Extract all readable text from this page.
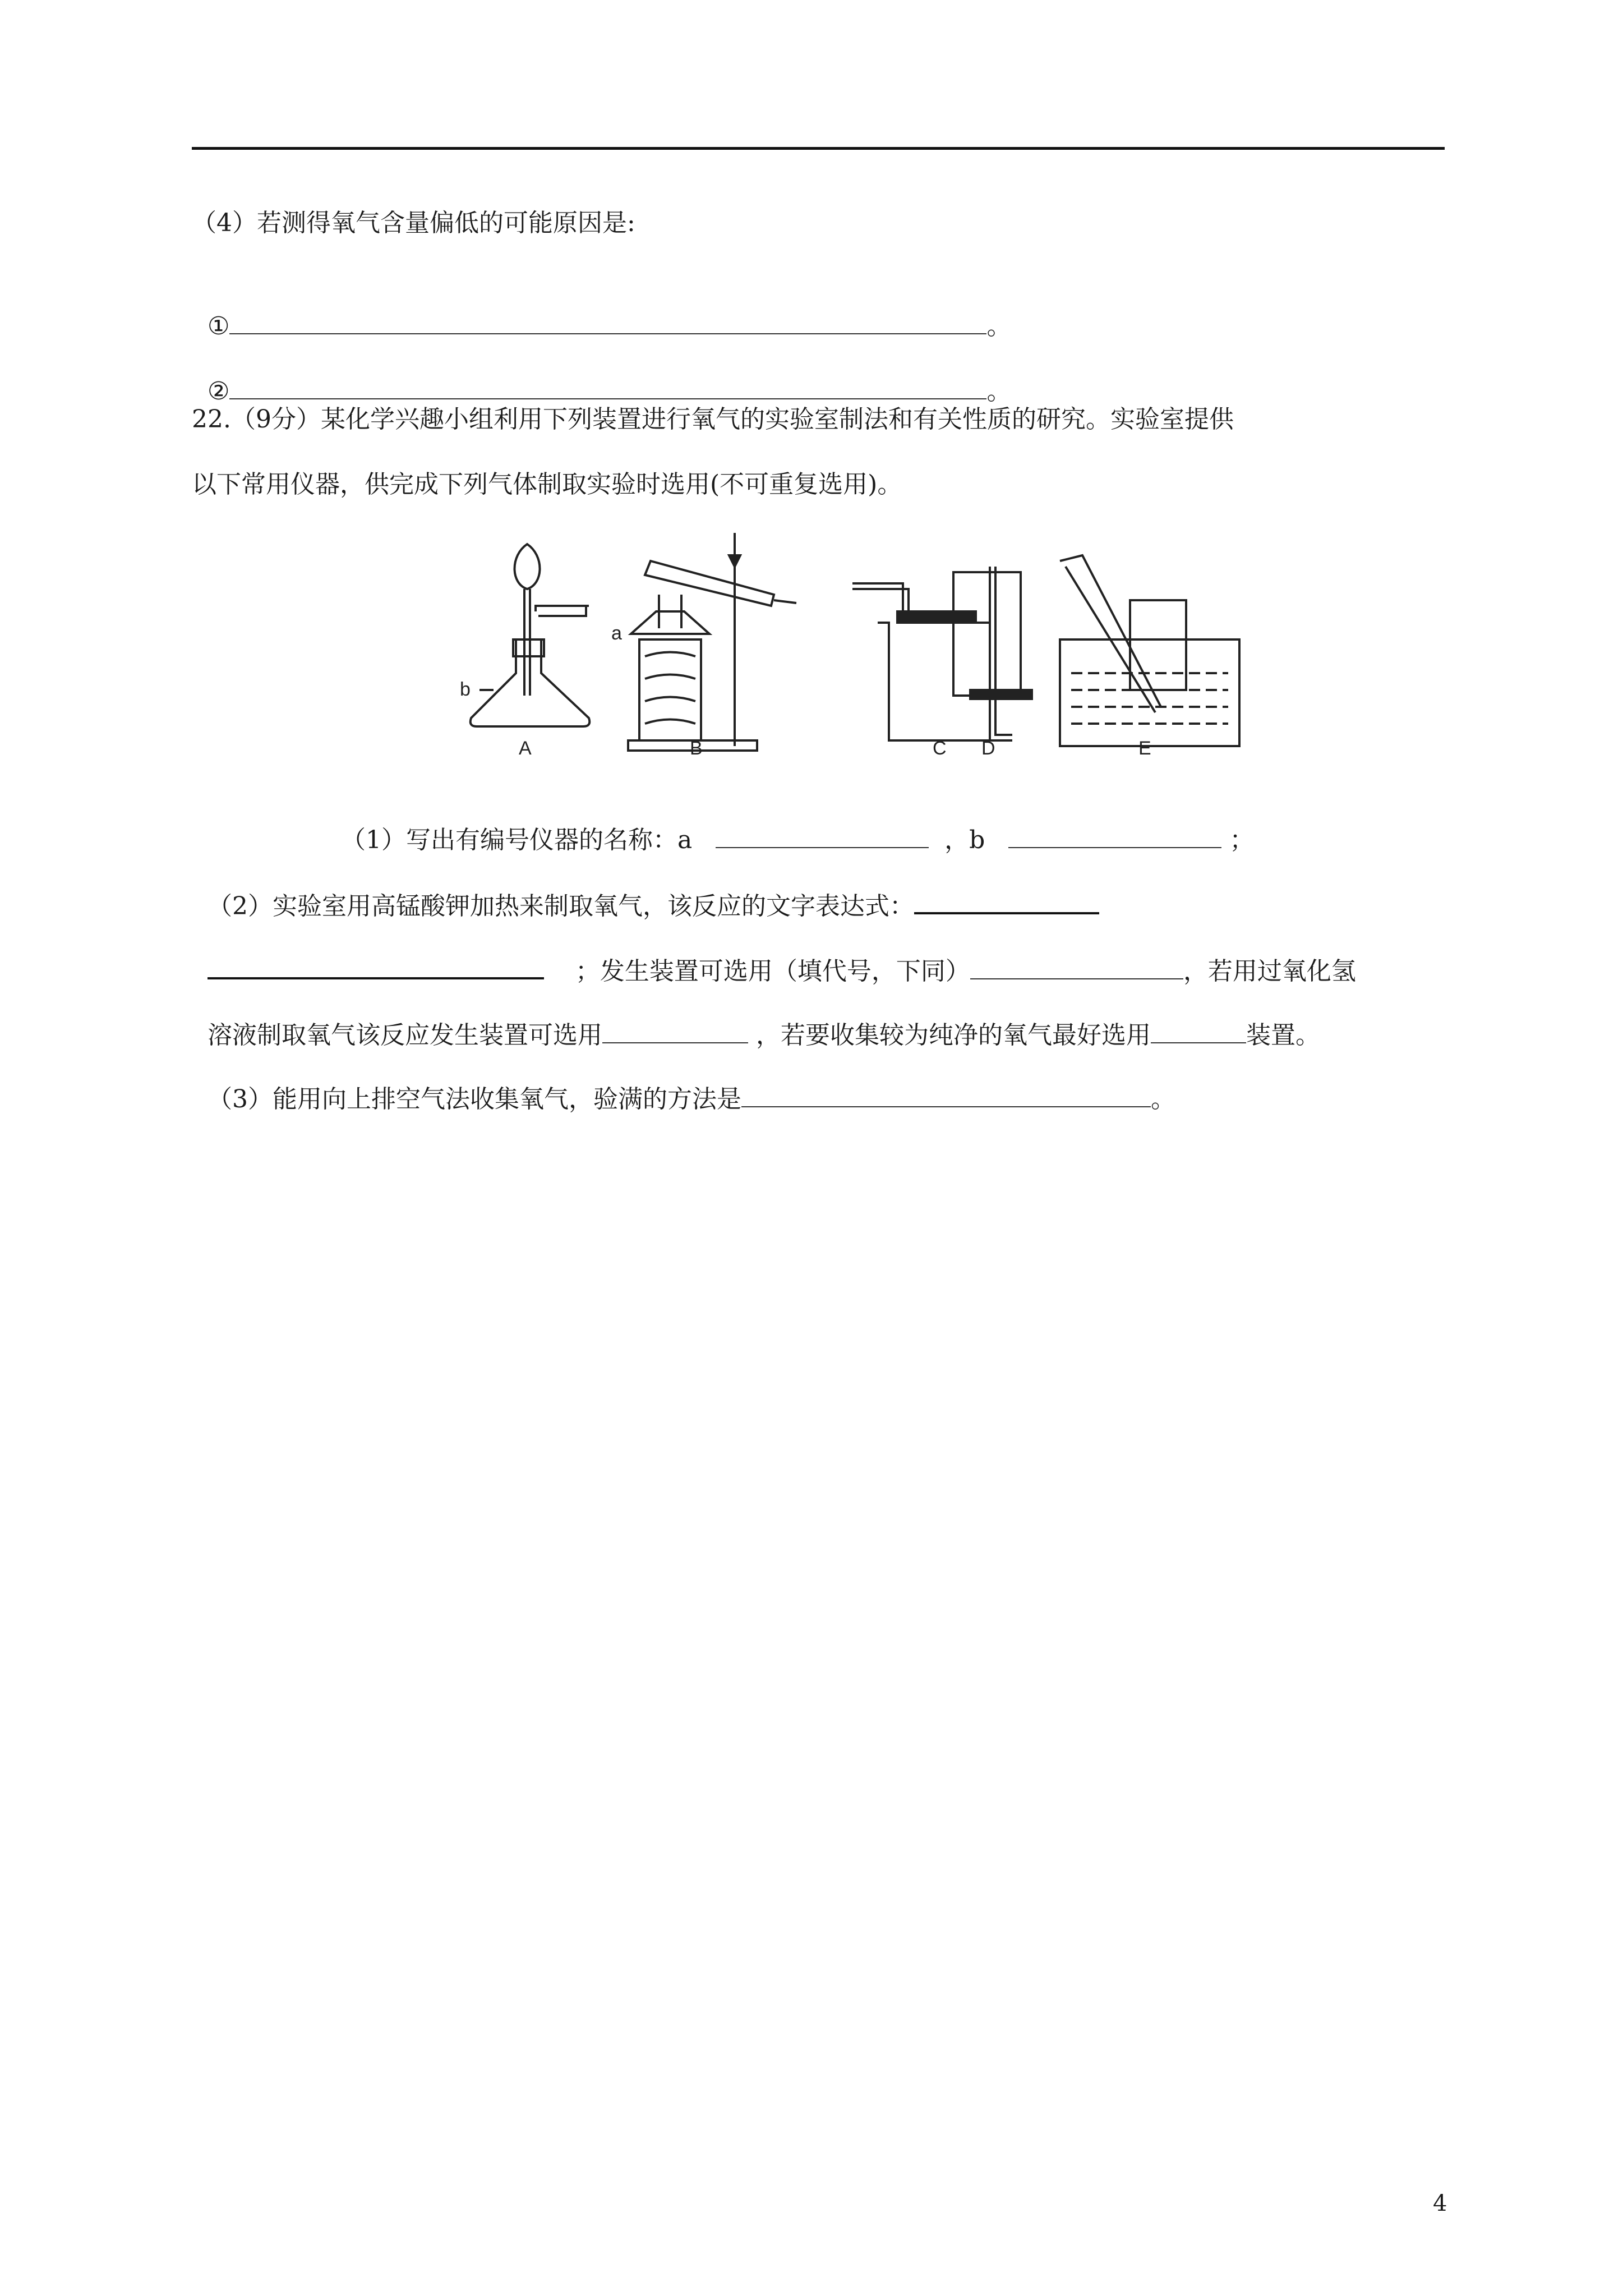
（4）若测得氧气含量偏低的可能原因是:

①	。

②	。

22.（9分）某化学兴趣小组利用下列装置进行氧气的实验室制法和有关性质的研究。实验室提供
以下常用仪器，供完成下列气体制取实验时选用(不可重复选用)。
A	B	C D	E
b
a

（1）写出有编号仪器的名称：a	，b	；

（2）实验室用高锰酸钾加热来制取氧气，该反应的文字表达式：

；发生装置可选用（填代号，下同）	，若用过氧化氢

溶液制取氧气该反应发生装置可选用	，若要收集较为纯净的氧气最好选用	装置。

（3）能用向上排空气法收集氧气，验满的方法是	。

4
